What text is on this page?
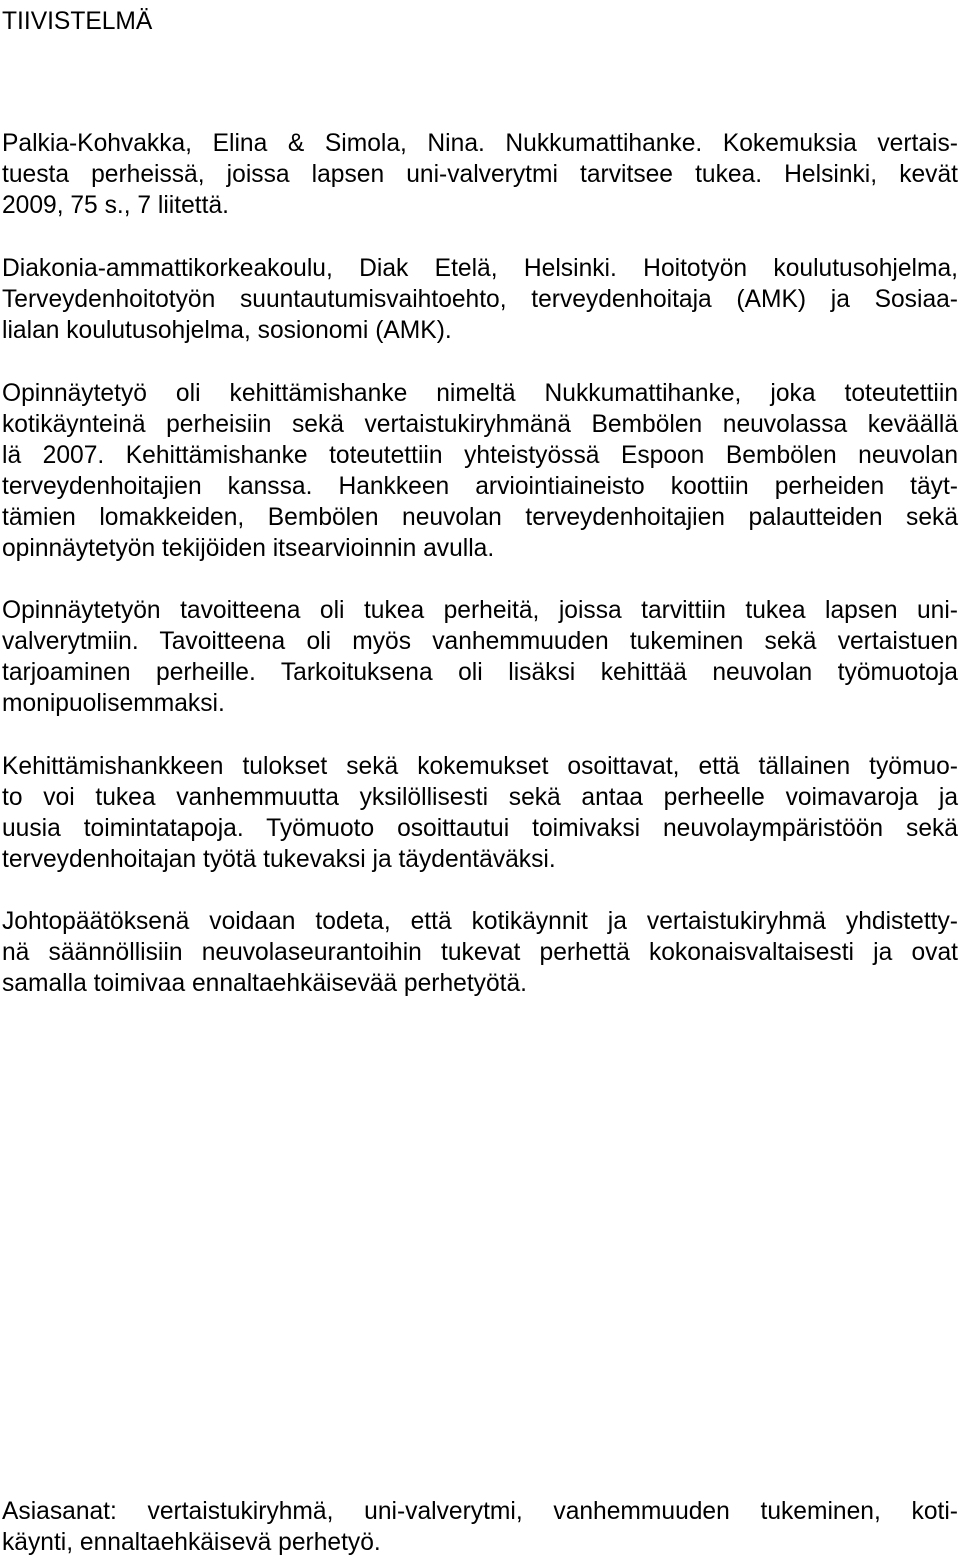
TIIVISTELMÄ
Palkia-Kohvakka, Elina & Simola, Nina. Nukkumattihanke. Kokemuksia vertais-
tuesta perheissä, joissa lapsen uni-valverytmi tarvitsee tukea. Helsinki, kevät
2009, 75 s., 7 liitettä.
Diakonia-ammattikorkeakoulu, Diak Etelä, Helsinki. Hoitotyön koulutusohjelma,
Terveydenhoitotyön suuntautumisvaihtoehto, terveydenhoitaja (AMK) ja Sosiaa-
lialan koulutusohjelma, sosionomi (AMK).
Opinnäytetyö oli kehittämishanke nimeltä Nukkumattihanke, joka toteutettiin
kotikäynteinä perheisiin sekä vertaistukiryhmänä Bembölen neuvolassa keväällä
lä 2007. Kehittämishanke toteutettiin yhteistyössä Espoon Bembölen neuvolan
terveydenhoitajien kanssa. Hankkeen arviointiaineisto koottiin perheiden täyt-
tämien lomakkeiden, Bembölen neuvolan terveydenhoitajien palautteiden sekä
opinnäytetyön tekijöiden itsearvioinnin avulla.
Opinnäytetyön tavoitteena oli tukea perheitä, joissa tarvittiin tukea lapsen uni-
valverytmiin. Tavoitteena oli myös vanhemmuuden tukeminen sekä vertaistuen
tarjoaminen perheille. Tarkoituksena oli lisäksi kehittää neuvolan työmuotoja
monipuolisemmaksi.
Kehittämishankkeen tulokset sekä kokemukset osoittavat, että tällainen työmuo-
to voi tukea vanhemmuutta yksilöllisesti sekä antaa perheelle voimavaroja ja
uusia toimintatapoja. Työmuoto osoittautui toimivaksi neuvolaympäristöön sekä
terveydenhoitajan työtä tukevaksi ja täydentäväksi.
Johtopäätöksenä voidaan todeta, että kotikäynnit ja vertaistukiryhmä yhdistetty-
nä säännöllisiin neuvolaseurantoihin tukevat perhettä kokonaisvaltaisesti ja ovat
samalla toimivaa ennaltaehkäisevää perhetyötä.
Asiasanat: vertaistukiryhmä, uni-valverytmi, vanhemmuuden tukeminen, koti-
käynti, ennaltaehkäisevä perhetyö.
